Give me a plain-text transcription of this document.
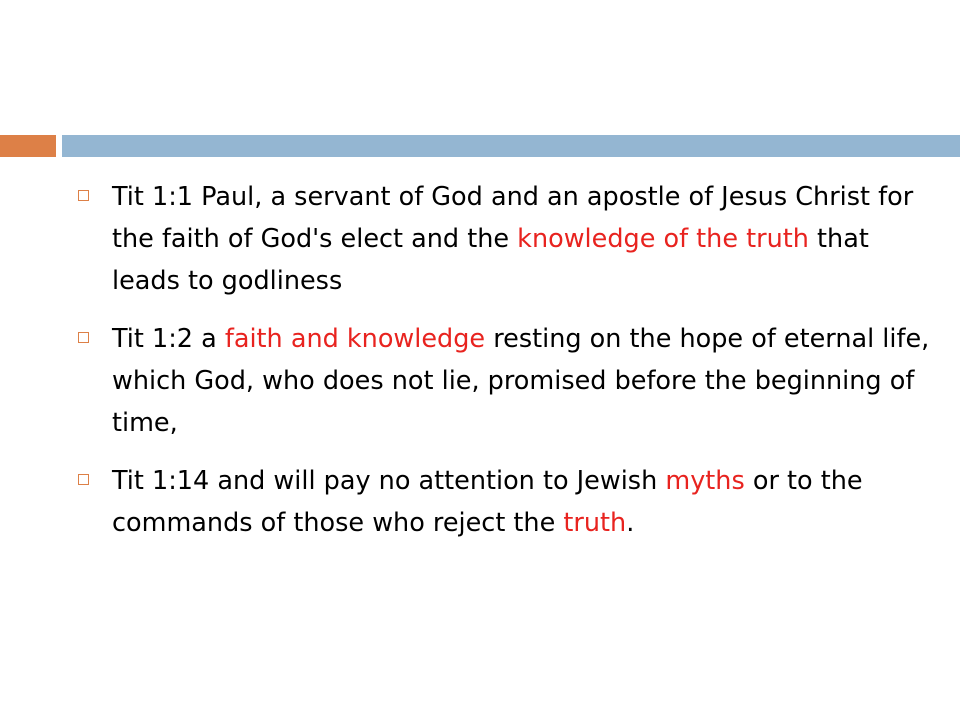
Tit 1:1 Paul, a servant of God and an apostle of Jesus Christ for the faith of God's elect and the knowledge of the truth that leads to godliness
Tit 1:2 a faith and knowledge resting on the hope of eternal life, which God, who does not lie, promised before the beginning of time,
Tit 1:14 and will pay no attention to Jewish myths or to the commands of those who reject the truth.
